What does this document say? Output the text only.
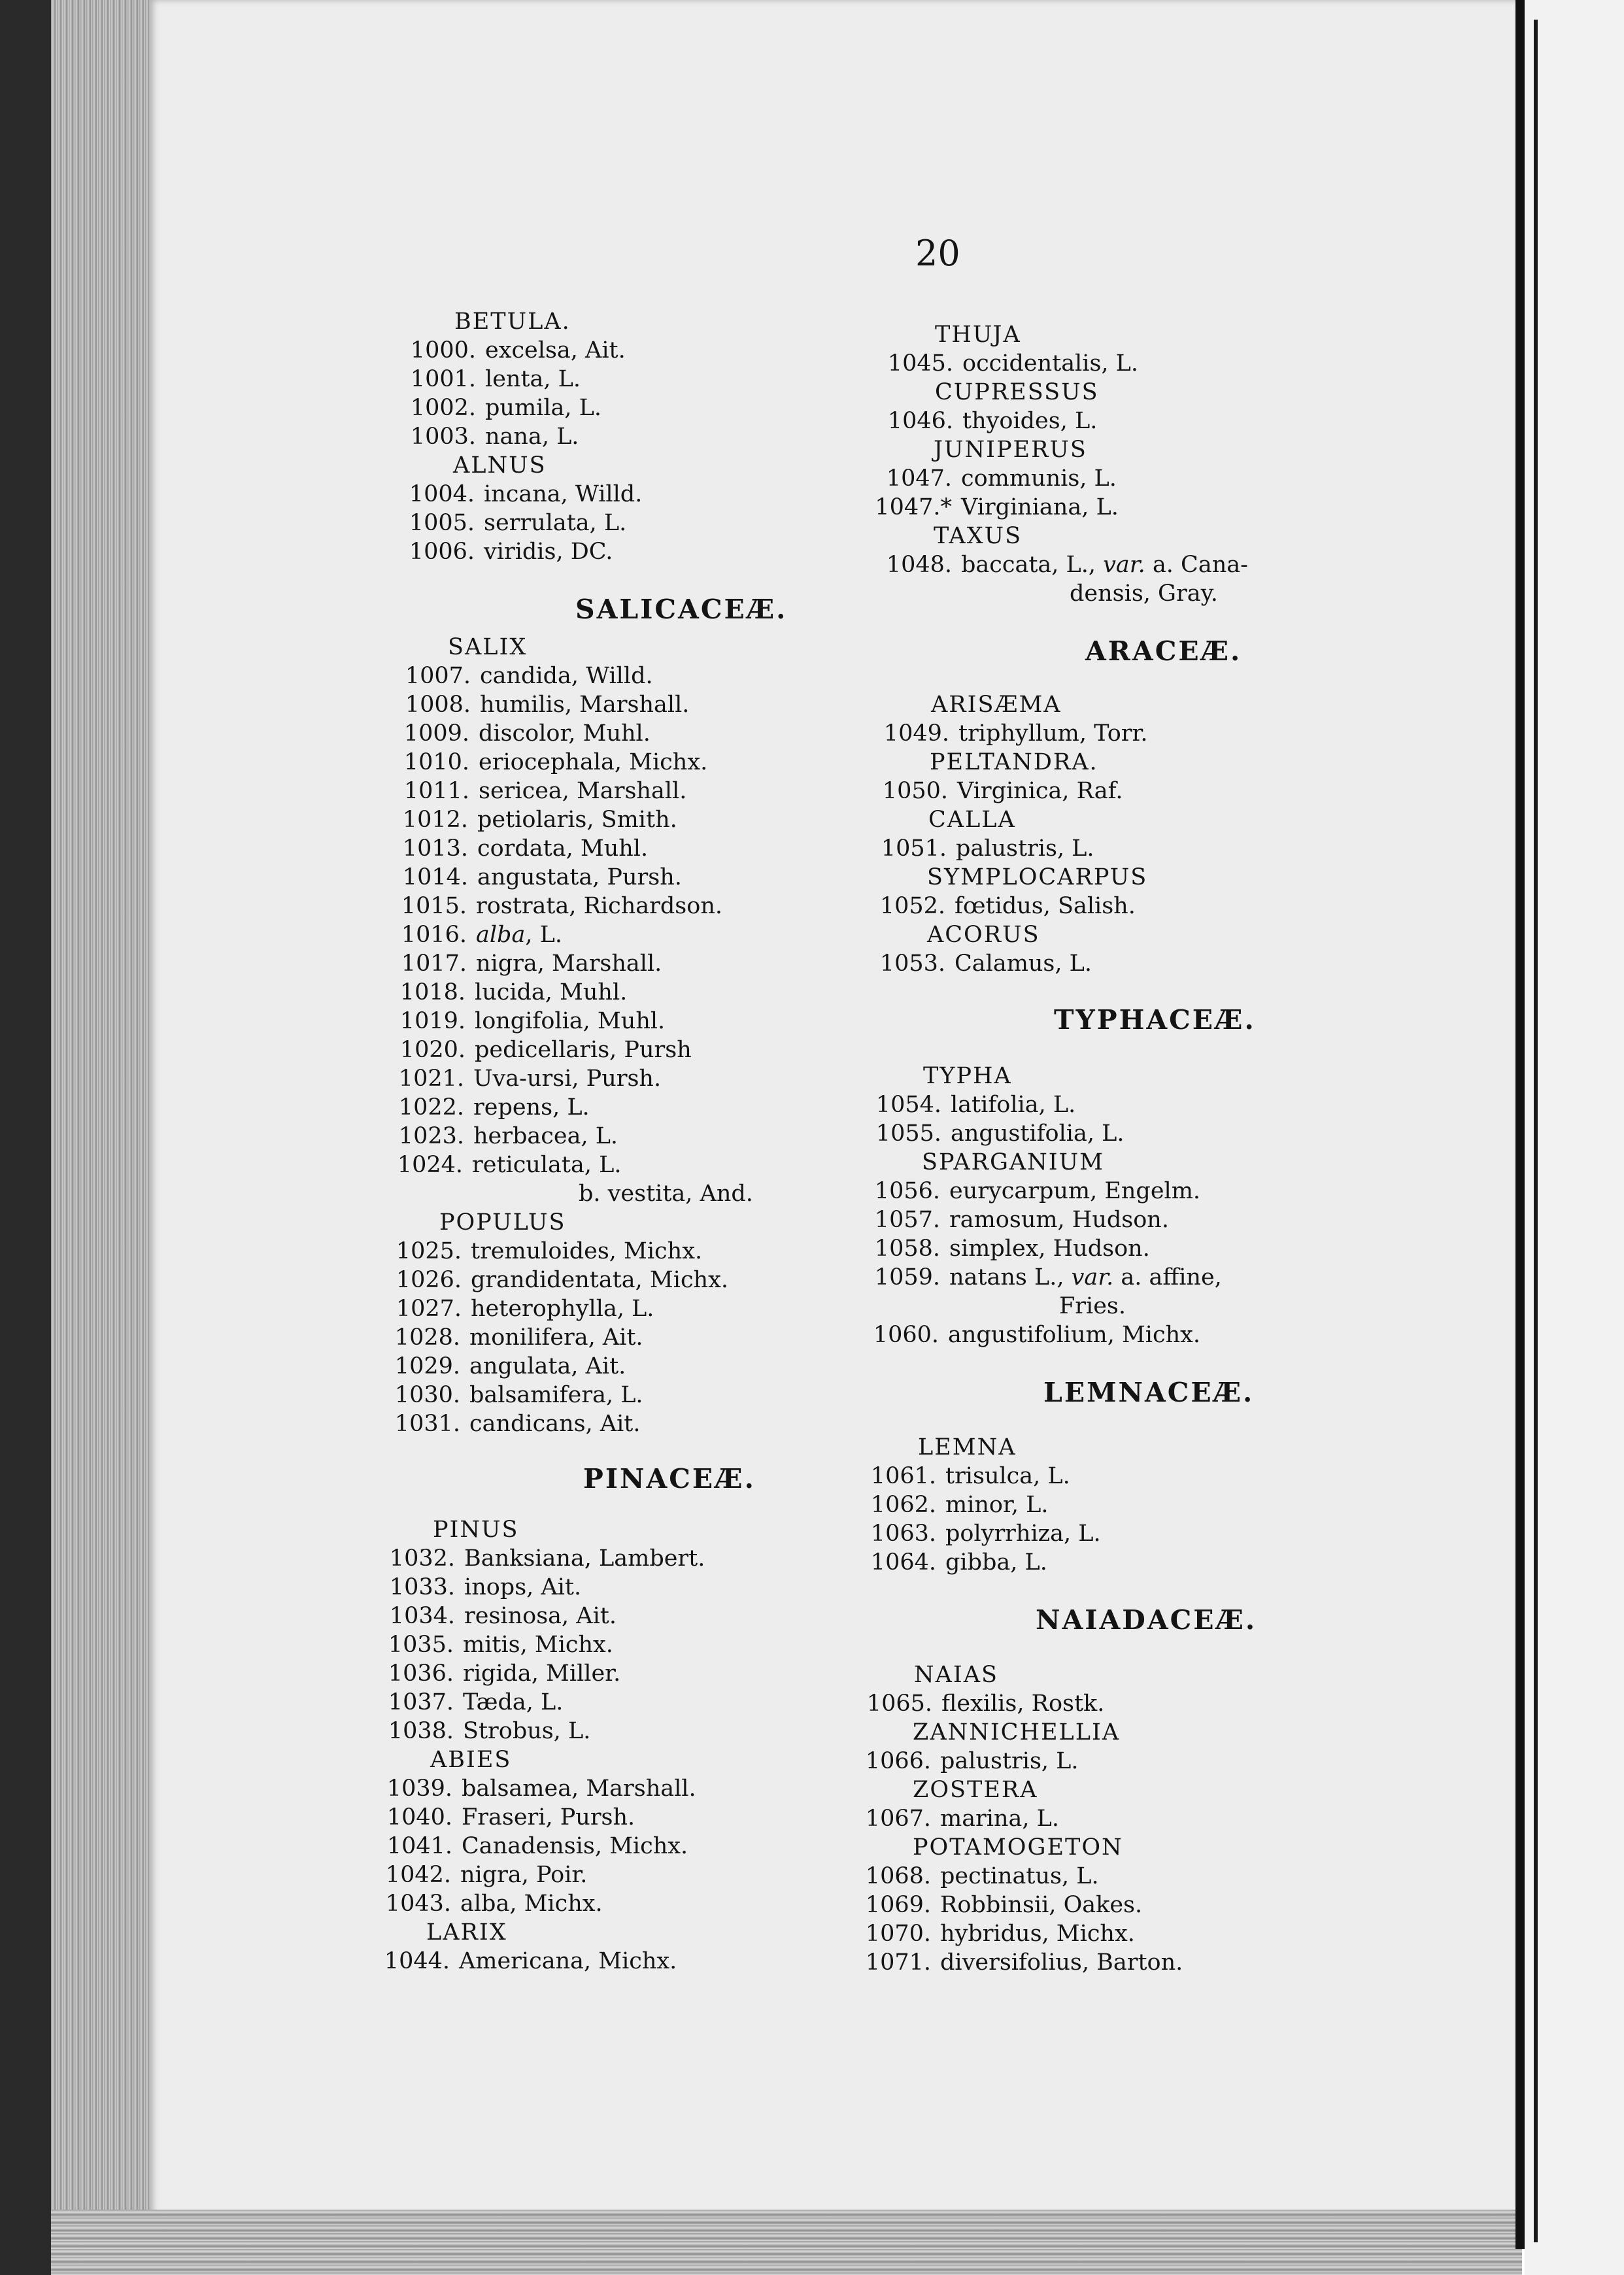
20
BETULA.
1000. excelsa, Ait.
1001. lenta, L.
1002. pumila, L.
1003. nana, L.
ALNUS
1004. incana, Willd.
1005. serrulata, L.
1006. viridis, DC.
SALICACEÆ.
SALIX
1007. candida, Willd.
1008. humilis, Marshall.
1009. discolor, Muhl.
1010. eriocephala, Michx.
1011. sericea, Marshall.
1012. petiolaris, Smith.
1013. cordata, Muhl.
1014. angustata, Pursh.
1015. rostrata, Richardson.
1016. alba, L.
1017. nigra, Marshall.
1018. lucida, Muhl.
1019. longifolia, Muhl.
1020. pedicellaris, Pursh
1021. Uva-ursi, Pursh.
1022. repens, L.
1023. herbacea, L.
1024. reticulata, L.
b. vestita, And.
POPULUS
1025. tremuloides, Michx.
1026. grandidentata, Michx.
1027. heterophylla, L.
1028. monilifera, Ait.
1029. angulata, Ait.
1030. balsamifera, L.
1031. candicans, Ait.
PINACEÆ.
PINUS
1032. Banksiana, Lambert.
1033. inops, Ait.
1034. resinosa, Ait.
1035. mitis, Michx.
1036. rigida, Miller.
1037. Tæda, L.
1038. Strobus, L.
ABIES
1039. balsamea, Marshall.
1040. Fraseri, Pursh.
1041. Canadensis, Michx.
1042. nigra, Poir.
1043. alba, Michx.
LARIX
1044. Americana, Michx.
THUJA
1045. occidentalis, L.
CUPRESSUS
1046. thyoides, L.
JUNIPERUS
1047. communis, L.
1047.* Virginiana, L.
TAXUS
1048. baccata, L., var. a. Cana-
densis, Gray.
ARACEÆ.
ARISÆMA
1049. triphyllum, Torr.
PELTANDRA.
1050. Virginica, Raf.
CALLA
1051. palustris, L.
SYMPLOCARPUS
1052. fœtidus, Salish.
ACORUS
1053. Calamus, L.
TYPHACEÆ.
TYPHA
1054. latifolia, L.
1055. angustifolia, L.
SPARGANIUM
1056. eurycarpum, Engelm.
1057. ramosum, Hudson.
1058. simplex, Hudson.
1059. natans L., var. a. affine,
Fries.
1060. angustifolium, Michx.
LEMNACEÆ.
LEMNA
1061. trisulca, L.
1062. minor, L.
1063. polyrrhiza, L.
1064. gibba, L.
NAIADACEÆ.
NAIAS
1065. flexilis, Rostk.
ZANNICHELLIA
1066. palustris, L.
ZOSTERA
1067. marina, L.
POTAMOGETON
1068. pectinatus, L.
1069. Robbinsii, Oakes.
1070. hybridus, Michx.
1071. diversifolius, Barton.
